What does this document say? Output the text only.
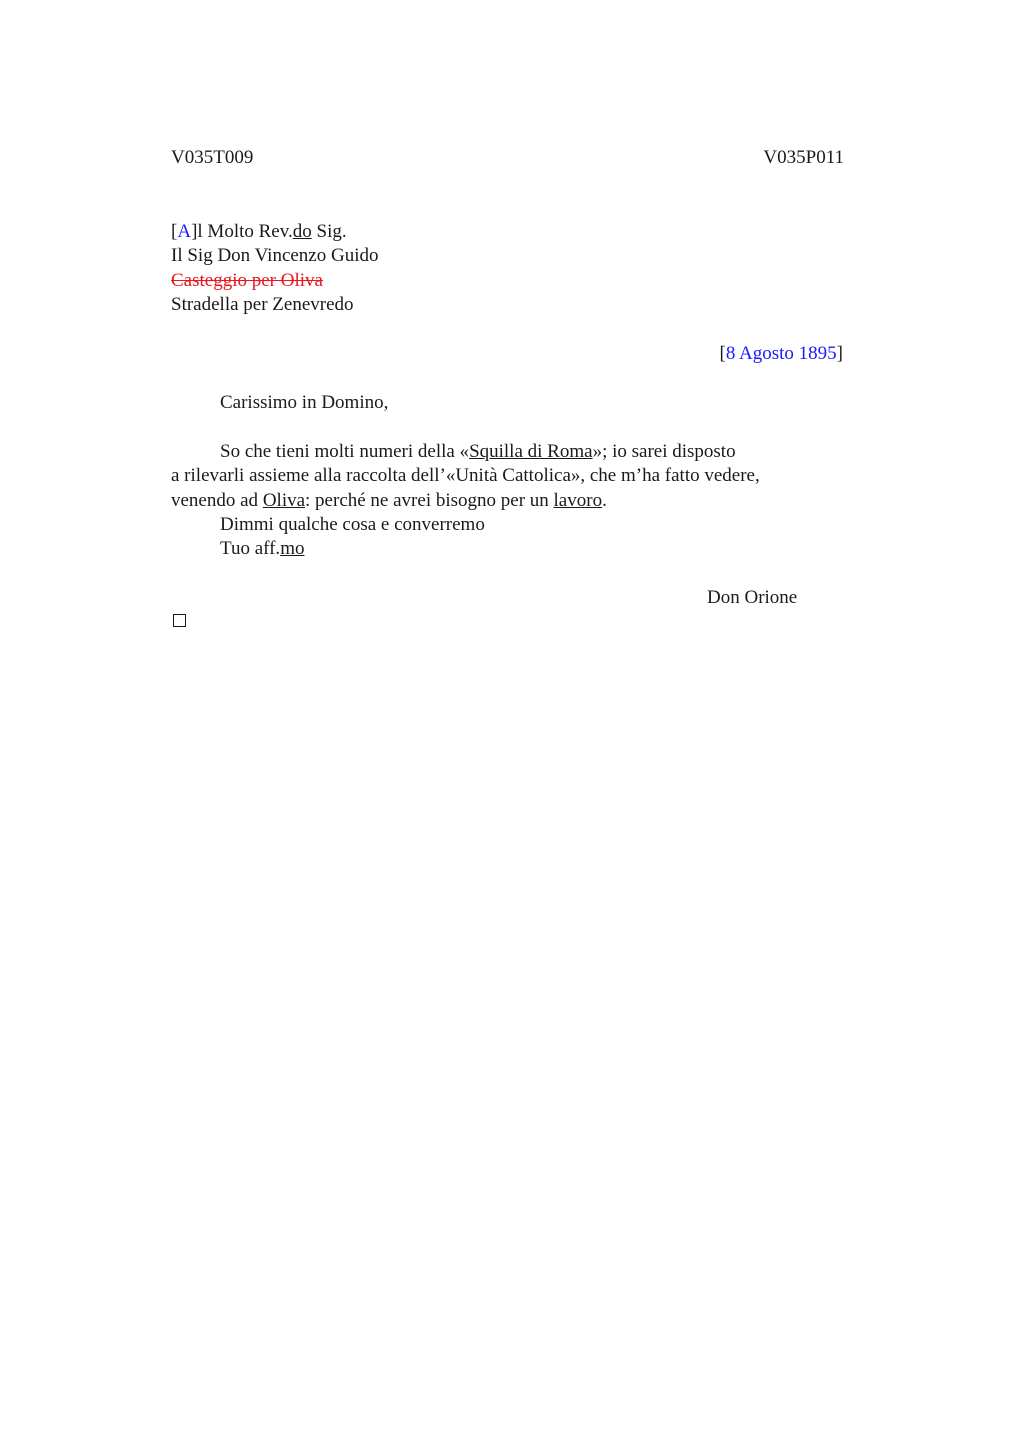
V035T009	V035P011
[A]l Molto Rev.do Sig.
Il Sig Don Vincenzo Guido
Casteggio per Oliva
Stradella per Zenevredo
[8 Agosto 1895]
Carissimo in Domino,
So che tieni molti numeri della «Squilla di Roma»; io sarei disposto
a rilevarli assieme alla raccolta dell’«Unità Cattolica», che m’ha fatto vedere,
venendo ad Oliva: perché ne avrei bisogno per un lavoro.
Dimmi qualche cosa e converremo
Tuo aff.mo
Don Orione
